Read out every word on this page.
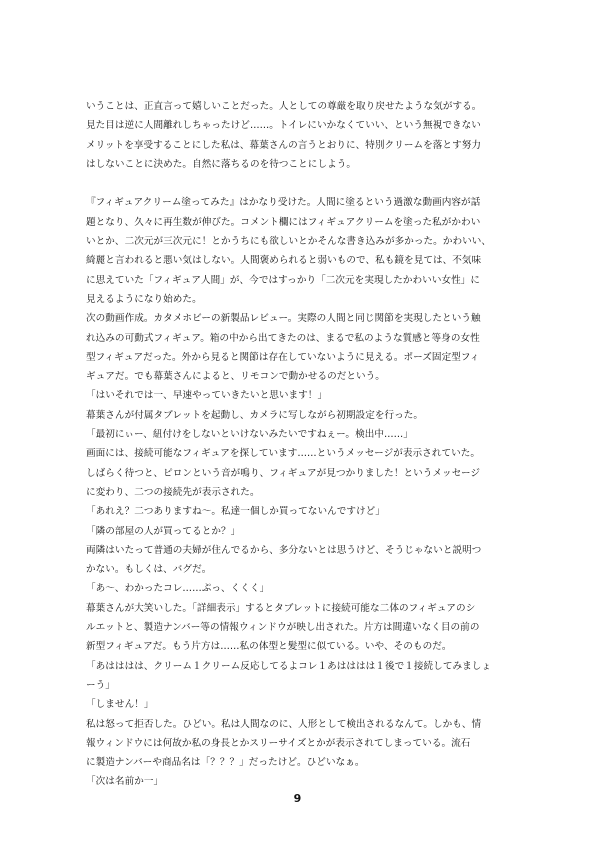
いうことは、正直言って嬉しいことだった。人としての尊厳を取り戻せたような気がする。
見た目は逆に人間離れしちゃったけど……。トイレにいかなくていい、という無視できない
メリットを享受することにした私は、幕葉さんの言うとおりに、特別クリームを落とす努力
はしないことに決めた。自然に落ちるのを待つことにしよう。
『フィギュアクリーム塗ってみた』はかなり受けた。人間に塗るという過激な動画内容が話
題となり、久々に再生数が伸びた。コメント欄にはフィギュアクリームを塗った私がかわい
いとか、二次元が三次元に！とかうちにも欲しいとかそんな書き込みが多かった。かわいい、
綺麗と言われると悪い気はしない。人間褒められると弱いもので、私も鏡を見ては、不気味
に思えていた「フィギュア人間」が、今ではすっかり「二次元を実現したかわいい女性」に
見えるようになり始めた。
次の動画作成。カタメホビーの新製品レビュー。実際の人間と同じ関節を実現したという触
れ込みの可動式フィギュア。箱の中から出てきたのは、まるで私のような質感と等身の女性
型フィギュアだった。外から見ると関節は存在していないように見える。ポーズ固定型フィ
ギュアだ。でも幕葉さんによると、リモコンで動かせるのだという。
「はいそれでは一、早速やっていきたいと思います！」
幕葉さんが付属タブレットを起動し、カメラに写しながら初期設定を行った。
「最初にぃー、紐付けをしないといけないみたいですねぇー。検出中……」
画面には、接続可能なフィギュアを探しています……というメッセージが表示されていた。
しばらく待つと、ピロンという音が鳴り、フィギュアが見つかりました！というメッセージ
に変わり、二つの接続先が表示された。
「あれえ？二つありますね～。私達一個しか買ってないんですけど」
「隣の部屋の人が買ってるとか？」
両隣はいたって普通の夫婦が住んでるから、多分ないとは思うけど、そうじゃないと説明つ
かない。もしくは、バグだ。
「あ～、わかったコレ……ぷっ、くくく」
幕葉さんが大笑いした。「詳細表示」するとタブレットに接続可能な二体のフィギュアのシ
ルエットと、製造ナンバー等の情報ウィンドウが映し出された。片方は間違いなく目の前の
新型フィギュアだ。もう片方は……私の体型と髪型に似ている。いや、そのものだ。
「あはははは、クリーム１クリーム反応してるよコレ１あはははは１後で１接続してみましょ
ーう」
「しません！」
私は怒って拒否した。ひどい。私は人間なのに、人形として検出されるなんて。しかも、情
報ウィンドウには何故か私の身長とかスリーサイズとかが表示されてしまっている。流石
に製造ナンバーや商品名は「？？？」だったけど。ひどいなぁ。
「次は名前か一」
9
